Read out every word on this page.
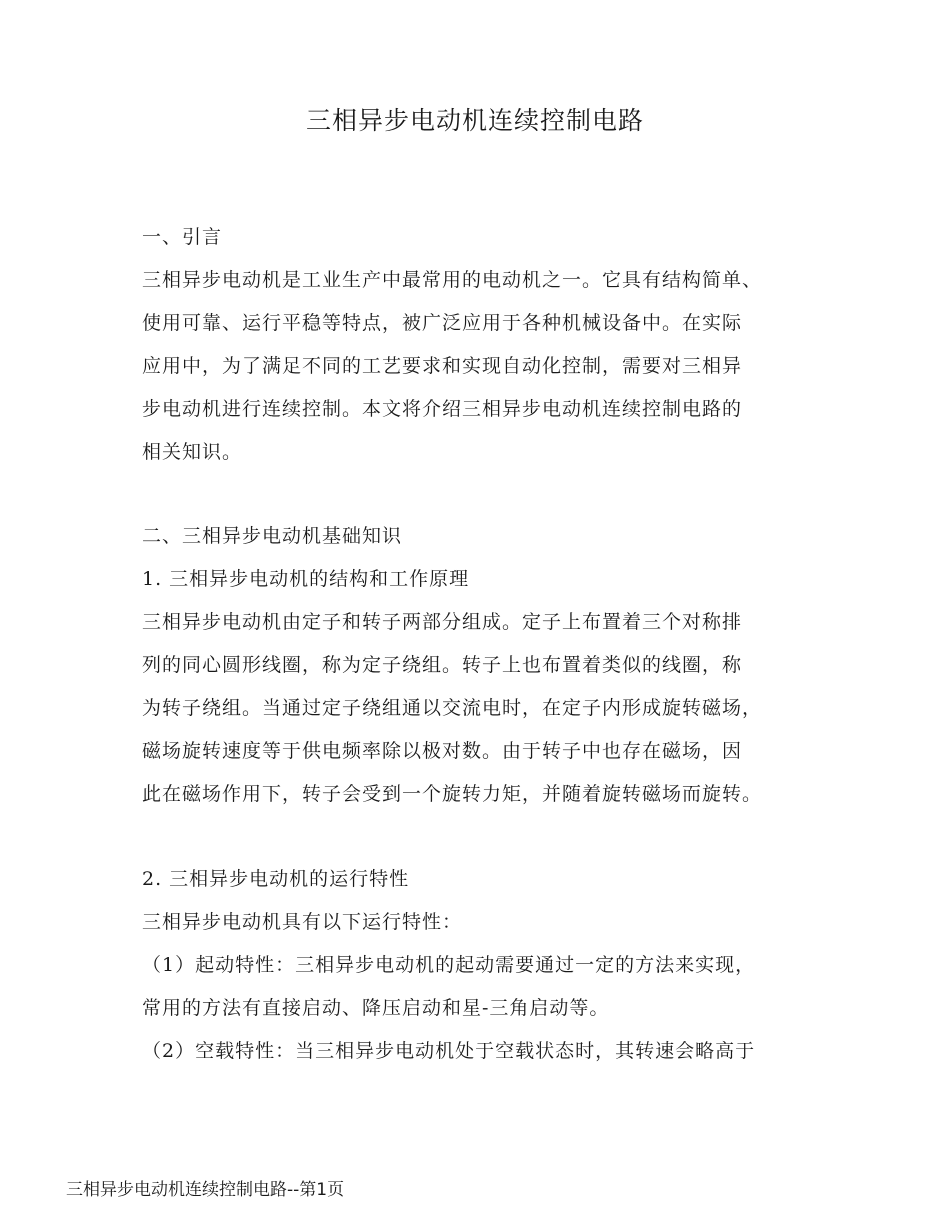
三相异步电动机连续控制电路
一、引言
三相异步电动机是工业生产中最常用的电动机之一。它具有结构简单、
使用可靠、运行平稳等特点，被广泛应用于各种机械设备中。在实际
应用中，为了满足不同的工艺要求和实现自动化控制，需要对三相异
步电动机进行连续控制。本文将介绍三相异步电动机连续控制电路的
相关知识。
二、三相异步电动机基础知识
1. 三相异步电动机的结构和工作原理
三相异步电动机由定子和转子两部分组成。定子上布置着三个对称排
列的同心圆形线圈，称为定子绕组。转子上也布置着类似的线圈，称
为转子绕组。当通过定子绕组通以交流电时，在定子内形成旋转磁场，
磁场旋转速度等于供电频率除以极对数。由于转子中也存在磁场，因
此在磁场作用下，转子会受到一个旋转力矩，并随着旋转磁场而旋转。
2. 三相异步电动机的运行特性
三相异步电动机具有以下运行特性：
（1）起动特性：三相异步电动机的起动需要通过一定的方法来实现，
常用的方法有直接启动、降压启动和星-三角启动等。
（2）空载特性：当三相异步电动机处于空载状态时，其转速会略高于
三相异步电动机连续控制电路--第1页
